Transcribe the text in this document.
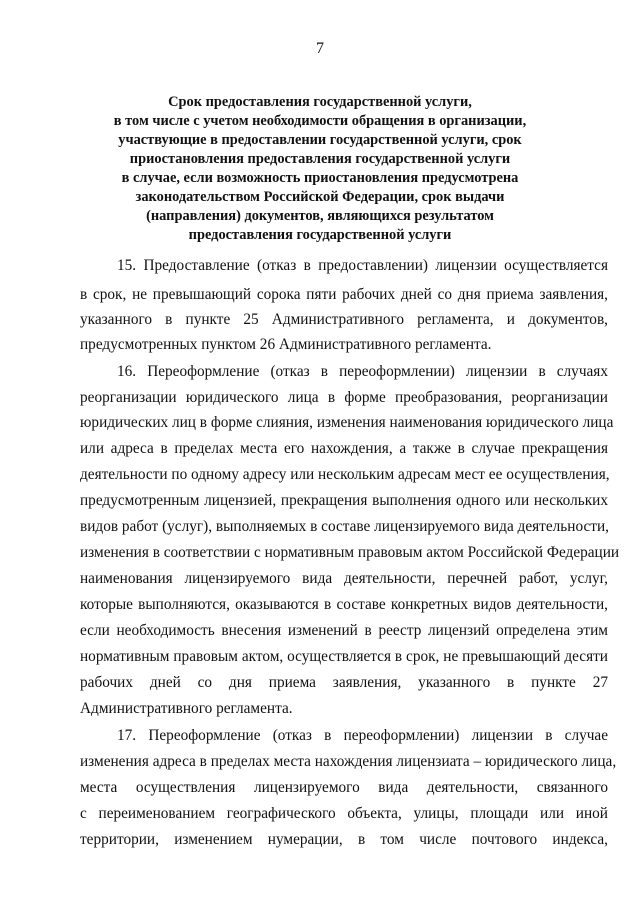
7
Срок предоставления государственной услуги,
в том числе с учетом необходимости обращения в организации,
участвующие в предоставлении государственной услуги, срок
приостановления предоставления государственной услуги
в случае, если возможность приостановления предусмотрена
законодательством Российской Федерации, срок выдачи
(направления) документов, являющихся результатом
предоставления государственной услуги
15. Предоставление (отказ в предоставлении) лицензии осуществляется
в срок, не превышающий сорока пяти рабочих дней со дня приема заявления,
указанного в пункте 25 Административного регламента, и документов,
предусмотренных пунктом 26 Административного регламента.
16. Переоформление (отказ в переоформлении) лицензии в случаях
реорганизации юридического лица в форме преобразования, реорганизации
юридических лиц в форме слияния, изменения наименования юридического лица
или адреса в пределах места его нахождения, а также в случае прекращения
деятельности по одному адресу или нескольким адресам мест ее осуществления,
предусмотренным лицензией, прекращения выполнения одного или нескольких
видов работ (услуг), выполняемых в составе лицензируемого вида деятельности,
изменения в соответствии с нормативным правовым актом Российской Федерации
наименования лицензируемого вида деятельности, перечней работ, услуг,
которые выполняются, оказываются в составе конкретных видов деятельности,
если необходимость внесения изменений в реестр лицензий определена этим
нормативным правовым актом, осуществляется в срок, не превышающий десяти
рабочих дней со дня приема заявления, указанного в пункте 27
Административного регламента.
17. Переоформление (отказ в переоформлении) лицензии в случае
изменения адреса в пределах места нахождения лицензиата – юридического лица,
места осуществления лицензируемого вида деятельности, связанного
с переименованием географического объекта, улицы, площади или иной
территории, изменением нумерации, в том числе почтового индекса,
